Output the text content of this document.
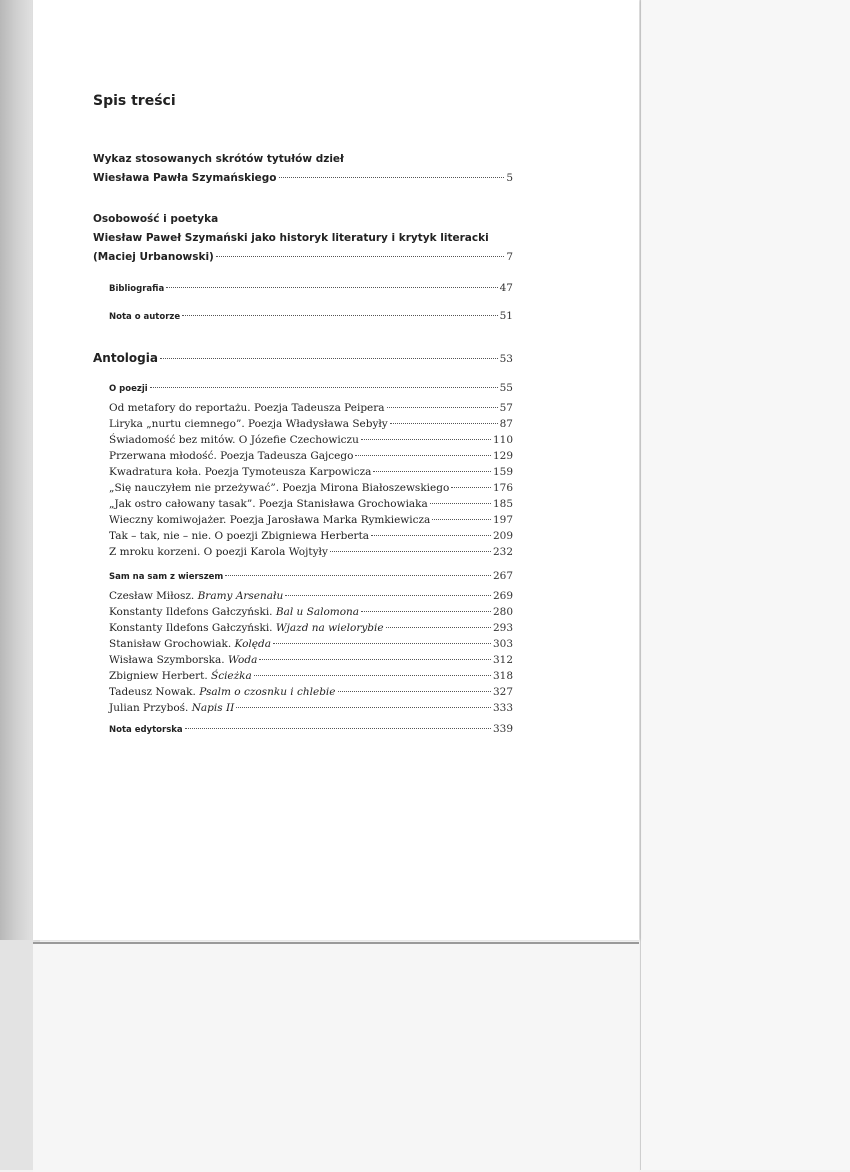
Spis treści
Wykaz stosowanych skrótów tytułów dzieł
Wiesława Pawła Szymańskiego	5
Osobowość i poetyka
Wiesław Paweł Szymański jako historyk literatury i krytyk literacki
(Maciej Urbanowski)	7
Bibliografia	47
Nota o autorze	51
Antologia	53
O poezji	55
Od metafory do reportażu. Poezja Tadeusza Peipera	57
Liryka „nurtu ciemnego”. Poezja Władysława Sebyły	87
Świadomość bez mitów. O Józefie Czechowiczu	110
Przerwana młodość. Poezja Tadeusza Gajcego	129
Kwadratura koła. Poezja Tymoteusza Karpowicza	159
„Się nauczyłem nie przeżywać”. Poezja Mirona Białoszewskiego	176
„Jak ostro całowany tasak”. Poezja Stanisława Grochowiaka	185
Wieczny komiwojażer. Poezja Jarosława Marka Rymkiewicza	197
Tak – tak, nie – nie. O poezji Zbigniewa Herberta	209
Z mroku korzeni. O poezji Karola Wojtyły	232
Sam na sam z wierszem	267
Czesław Miłosz. Bramy Arsenału	269
Konstanty Ildefons Gałczyński. Bal u Salomona	280
Konstanty Ildefons Gałczyński. Wjazd na wielorybie	293
Stanisław Grochowiak. Kolęda	303
Wisława Szymborska. Woda	312
Zbigniew Herbert. Ścieżka	318
Tadeusz Nowak. Psalm o czosnku i chlebie	327
Julian Przyboś. Napis II	333
Nota edytorska	339
